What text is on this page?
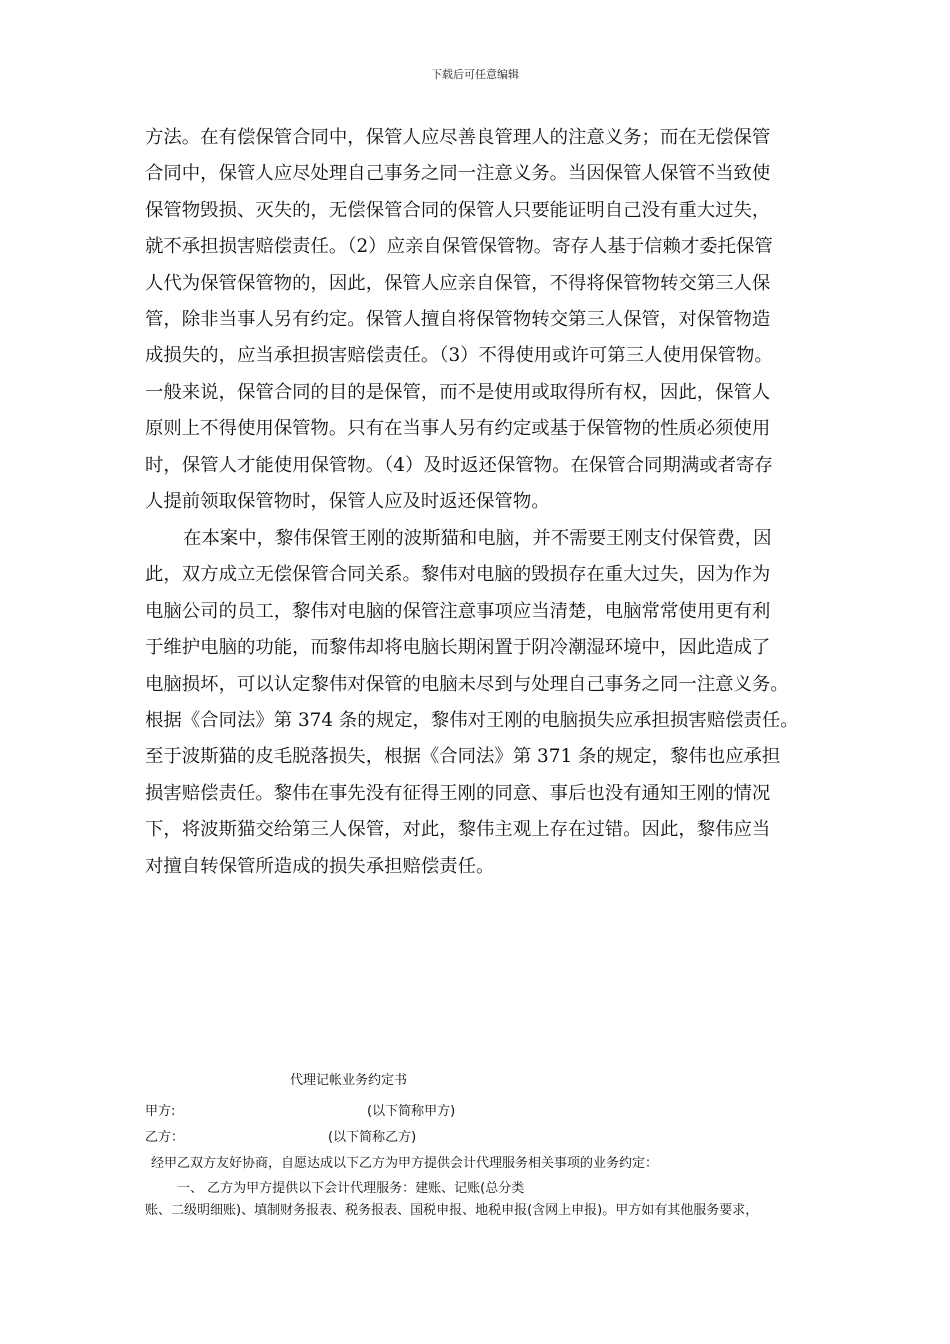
下载后可任意编辑
方法。在有偿保管合同中，保管人应尽善良管理人的注意义务；而在无偿保管
合同中，保管人应尽处理自己事务之同一注意义务。当因保管人保管不当致使
保管物毁损、灭失的，无偿保管合同的保管人只要能证明自己没有重大过失，
就不承担损害赔偿责任。（2）应亲自保管保管物。寄存人基于信赖才委托保管
人代为保管保管物的，因此，保管人应亲自保管，不得将保管物转交第三人保
管，除非当事人另有约定。保管人擅自将保管物转交第三人保管，对保管物造
成损失的，应当承担损害赔偿责任。（3）不得使用或许可第三人使用保管物。
一般来说，保管合同的目的是保管，而不是使用或取得所有权，因此，保管人
原则上不得使用保管物。只有在当事人另有约定或基于保管物的性质必须使用
时，保管人才能使用保管物。（4）及时返还保管物。在保管合同期满或者寄存
人提前领取保管物时，保管人应及时返还保管物。
在本案中，黎伟保管王刚的波斯猫和电脑，并不需要王刚支付保管费，因
此，双方成立无偿保管合同关系。黎伟对电脑的毁损存在重大过失，因为作为
电脑公司的员工，黎伟对电脑的保管注意事项应当清楚，电脑常常使用更有利
于维护电脑的功能，而黎伟却将电脑长期闲置于阴冷潮湿环境中，因此造成了
电脑损坏，可以认定黎伟对保管的电脑未尽到与处理自己事务之同一注意义务。
根据《合同法》第 374 条的规定，黎伟对王刚的电脑损失应承担损害赔偿责任。
至于波斯猫的皮毛脱落损失，根据《合同法》第 371 条的规定，黎伟也应承担
损害赔偿责任。黎伟在事先没有征得王刚的同意、事后也没有通知王刚的情况
下，将波斯猫交给第三人保管，对此，黎伟主观上存在过错。因此，黎伟应当
对擅自转保管所造成的损失承担赔偿责任。
代理记帐业务约定书
甲方:	(以下简称甲方)
乙方：	(以下简称乙方)
经甲乙双方友好协商，自愿达成以下乙方为甲方提供会计代理服务相关事项的业务约定：
一、 乙方为甲方提供以下会计代理服务：建账、记账(总分类
账、二级明细账)、填制财务报表、税务报表、国税申报、地税申报(含网上申报)。甲方如有其他服务要求，
